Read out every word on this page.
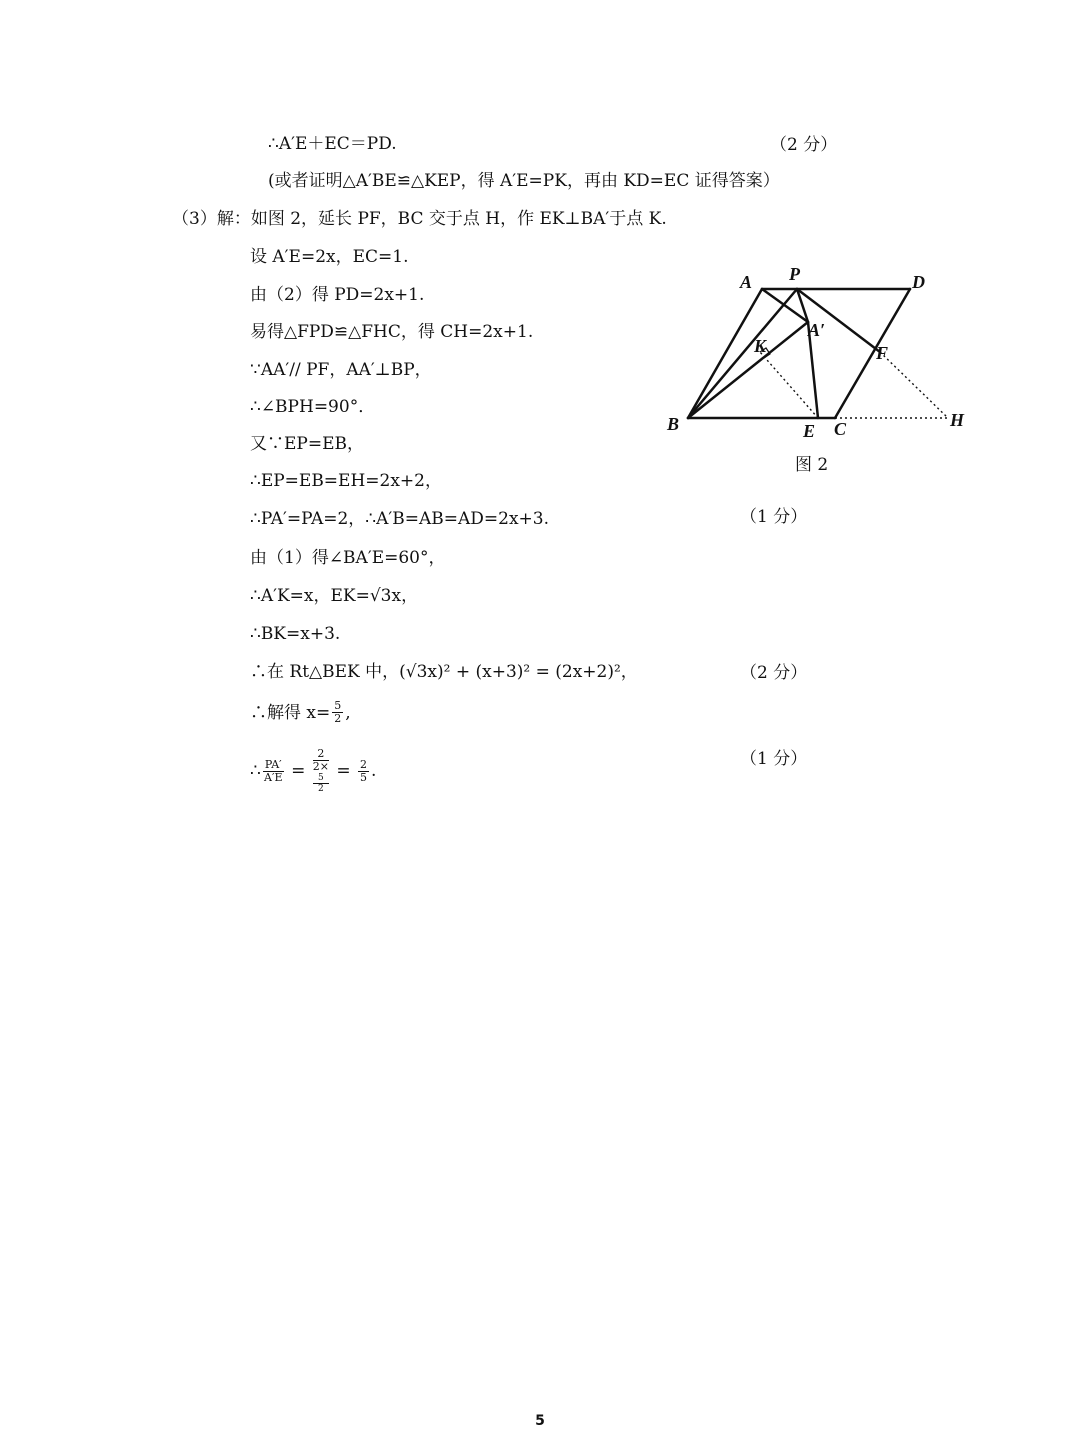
∴A′E＋EC＝PD.	（2 分）
(或者证明△A′BE≌△KEP，得 A′E=PK，再由 KD=EC 证得答案）
（3）解：如图 2，延长 PF，BC 交于点 H，作 EK⊥BA′于点 K.
设 A′E=2x，EC=1.
由（2）得 PD=2x+1.
易得△FPD≌△FHC，得 CH=2x+1.
∵AA′// PF，AA′⊥BP，
∴∠BPH=90°．
又∵EP=EB，
∴EP=EB=EH=2x+2，
∴PA′=PA=2，∴A′B=AB=AD=2x+3.	（1 分）
由（1）得∠BA′E=60°，
∴A′K=x，EK=√3x，
∴BK=x+3.
∴在 Rt△BEK 中，(√3x)² + (x+3)² = (2x+2)²，	（2 分）
∴解得 $x= \frac{5}{2}$ ,
∴ $\frac{PA'}{A'E} = 2$
2×
5
$2 = \frac{2}{5}$ .
（1 分）
A P	D
A′
K	F
B	E C	H
图 2
5
